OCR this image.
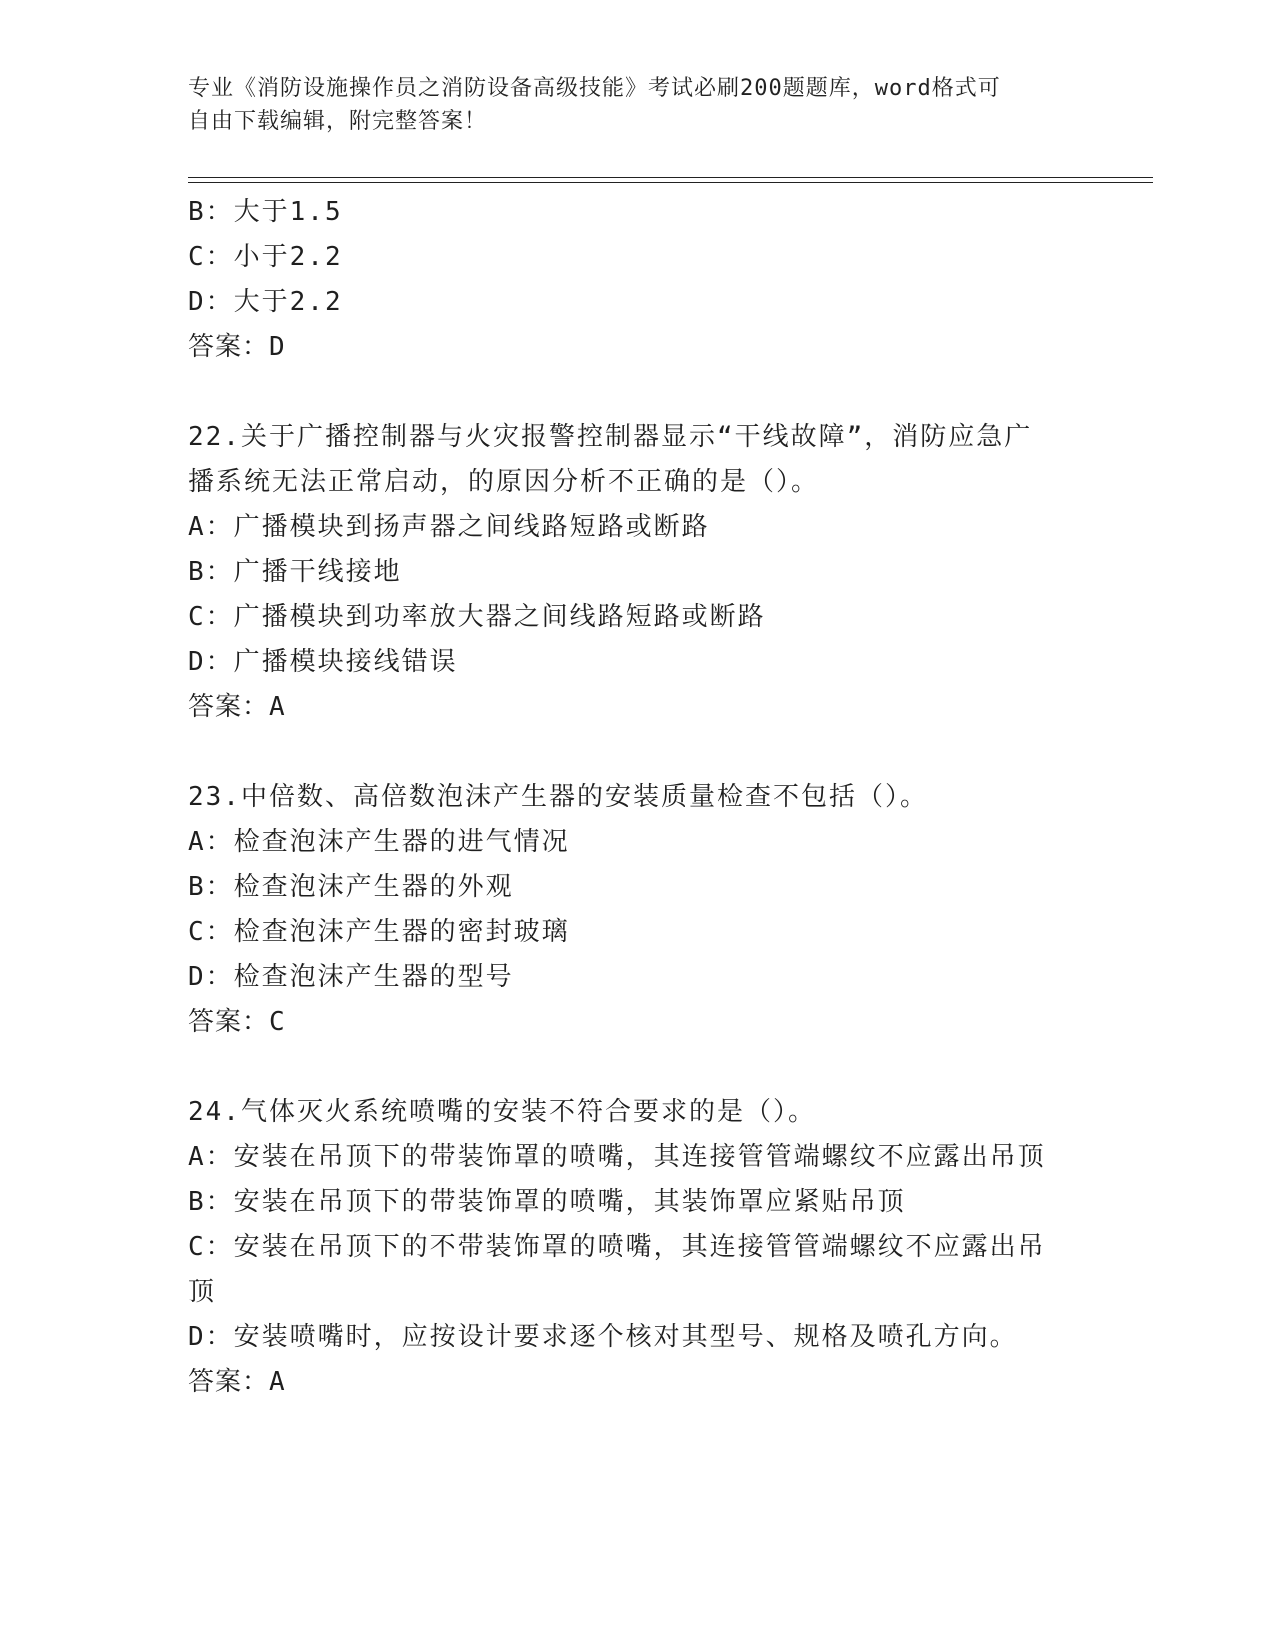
专业《消防设施操作员之消防设备高级技能》考试必刷200题题库，word格式可
自由下载编辑，附完整答案！
B：大于1.5
C：小于2.2
D：大于2.2
答案：D
22.关于广播控制器与火灾报警控制器显示“干线故障”，消防应急广
播系统无法正常启动，的原因分析不正确的是（）。
A：广播模块到扬声器之间线路短路或断路
B：广播干线接地
C：广播模块到功率放大器之间线路短路或断路
D：广播模块接线错误
答案：A
23.中倍数、高倍数泡沫产生器的安装质量检查不包括（）。
A：检查泡沫产生器的进气情况
B：检查泡沫产生器的外观
C：检查泡沫产生器的密封玻璃
D：检查泡沫产生器的型号
答案：C
24.气体灭火系统喷嘴的安装不符合要求的是（）。
A：安装在吊顶下的带装饰罩的喷嘴，其连接管管端螺纹不应露出吊顶
B：安装在吊顶下的带装饰罩的喷嘴，其装饰罩应紧贴吊顶
C：安装在吊顶下的不带装饰罩的喷嘴，其连接管管端螺纹不应露出吊
顶
D：安装喷嘴时，应按设计要求逐个核对其型号、规格及喷孔方向。
答案：A
